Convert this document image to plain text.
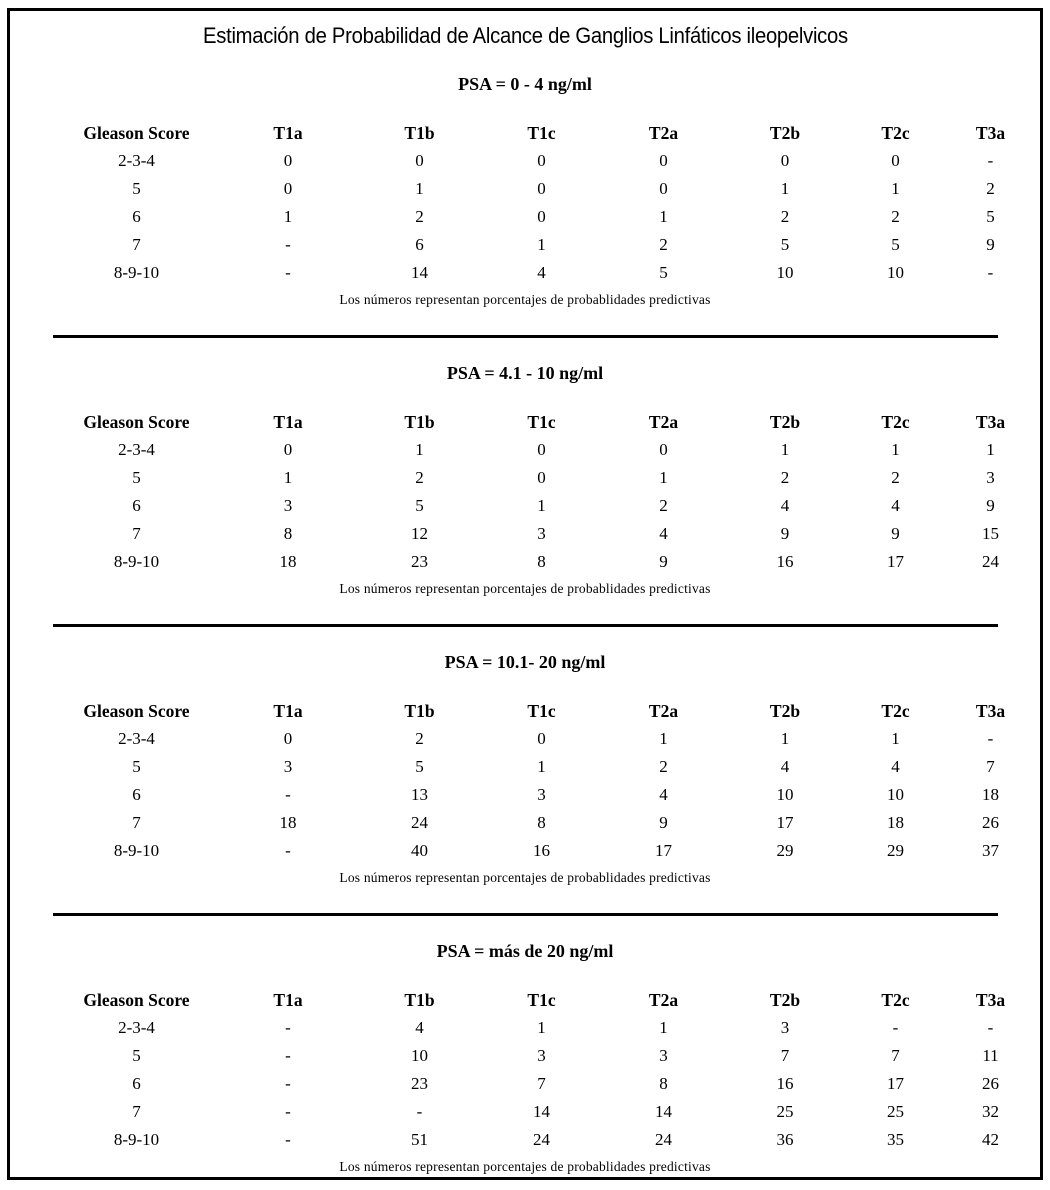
Estimación de Probabilidad de Alcance de Ganglios Linfáticos ileopelvicos
PSA = 0 - 4 ng/ml
Gleason Score	T1a	T1b	T1c	T2a	T2b	T2c	T3a
2-3-4	0	0	0	0	0	0	-
5	0	1	0	0	1	1	2
6	1	2	0	1	2	2	5
7	-	6	1	2	5	5	9
8-9-10	-	14	4	5	10	10	-
Los números representan porcentajes de probablidades predictivas
PSA = 4.1 - 10 ng/ml
Gleason Score	T1a	T1b	T1c	T2a	T2b	T2c	T3a
2-3-4	0	1	0	0	1	1	1
5	1	2	0	1	2	2	3
6	3	5	1	2	4	4	9
7	8	12	3	4	9	9	15
8-9-10	18	23	8	9	16	17	24
Los números representan porcentajes de probablidades predictivas
PSA = 10.1- 20 ng/ml
Gleason Score	T1a	T1b	T1c	T2a	T2b	T2c	T3a
2-3-4	0	2	0	1	1	1	-
5	3	5	1	2	4	4	7
6	-	13	3	4	10	10	18
7	18	24	8	9	17	18	26
8-9-10	-	40	16	17	29	29	37
Los números representan porcentajes de probablidades predictivas
PSA = más de 20 ng/ml
Gleason Score	T1a	T1b	T1c	T2a	T2b	T2c	T3a
2-3-4	-	4	1	1	3	-	-
5	-	10	3	3	7	7	11
6	-	23	7	8	16	17	26
7	-	-	14	14	25	25	32
8-9-10	-	51	24	24	36	35	42
Los números representan porcentajes de probablidades predictivas
